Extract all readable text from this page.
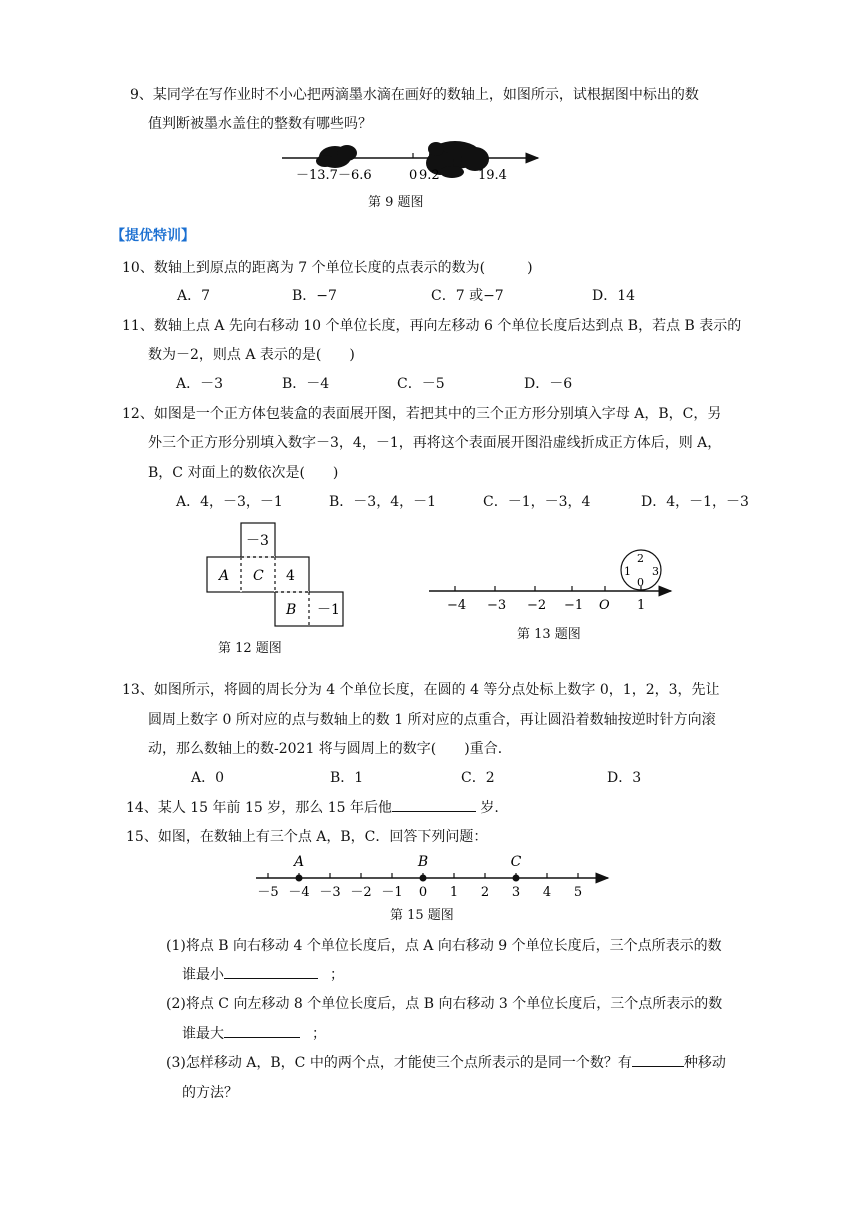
9、某同学在写作业时不小心把两滴墨水滴在画好的数轴上，如图所示，试根据图中标出的数
值判断被墨水盖住的整数有哪些吗？
－13.7 －6.6	0 9.2	19.4
第 9 题图
【提优特训】
10、数轴上到原点的距离为 7 个单位长度的点表示的数为(　　　)
A．7	B．−7	C．7 或−7	D．14
11、数轴上点 A 先向右移动 10 个单位长度，再向左移动 6 个单位长度后达到点 B，若点 B 表示的
数为－2，则点 A 表示的是(　　)
A．－3	B．－4	C．－5	D．－6
12、如图是一个正方体包装盒的表面展开图，若把其中的三个正方形分别填入字母 A，B，C，另
外三个正方形分别填入数字－3，4，－1，再将这个表面展开图沿虚线折成正方体后，则 A，
B，C 对面上的数依次是(　　)
A．4，－3，－1	B．－3，4，－1	C．－1，－3，4	D．4，－1，－3
－3
A C 4
B －1
第 12 题图
−4 −3 −2 −1 O 1
2
1 3
0
第 13 题图
13、如图所示，将圆的周长分为 4 个单位长度，在圆的 4 等分点处标上数字 0，1，2，3，先让
圆周上数字 0 所对应的点与数轴上的数 1 所对应的点重合，再让圆沿着数轴按逆时针方向滚
动，那么数轴上的数-2021 将与圆周上的数字(　　)重合．
A．0	B．1	C．2	D．3
14、某人 15 年前 15 岁，那么 15 年后他	岁.
15、如图，在数轴上有三个点 A，B，C．回答下列问题：
－5 －4 －3 －2 －1 0 1 2 3 4 5
A	B	C
第 15 题图
(1)将点 B 向右移动 4 个单位长度后，点 A 向右移动 9 个单位长度后，三个点所表示的数
谁最小	；
(2)将点 C 向左移动 8 个单位长度后，点 B 向右移动 3 个单位长度后，三个点所表示的数
谁最大	；
(3)怎样移动 A，B，C 中的两个点，才能使三个点所表示的是同一个数？有	种移动
的方法？
